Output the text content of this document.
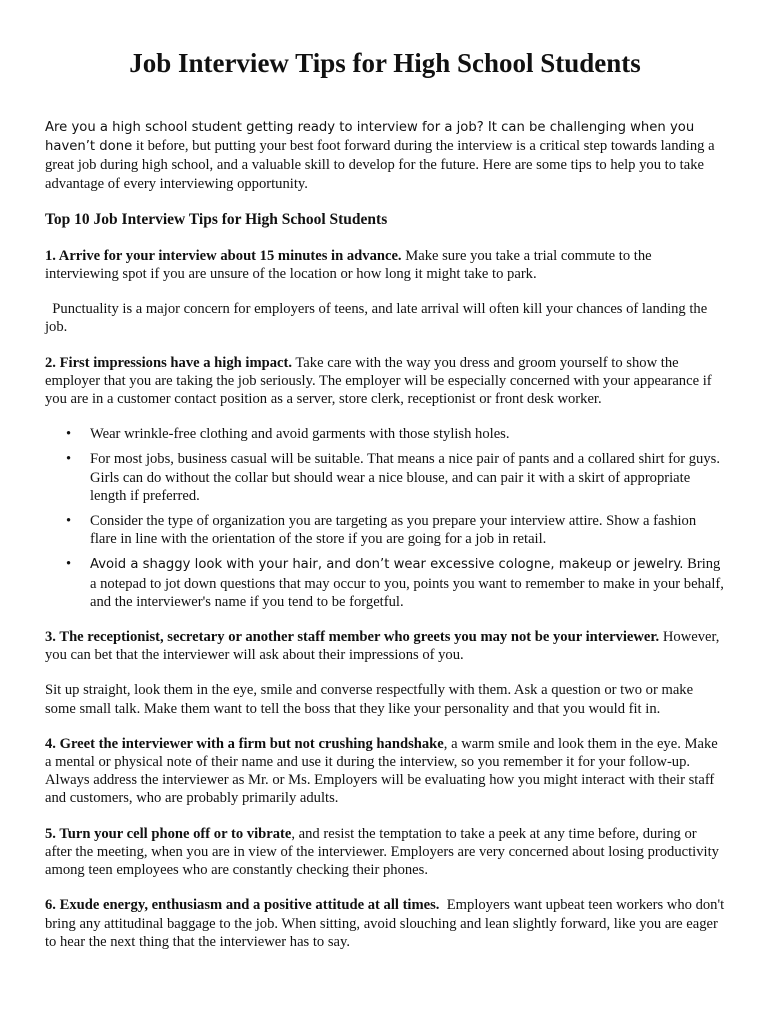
Job Interview Tips for High School Students

Are you a high school student getting ready to interview for a job? It can be challenging when you haven’t done it before, but putting your best foot forward during the interview is a critical step towards landing a great job during high school, and a valuable skill to develop for the future. Here are some tips to help you to take advantage of every interviewing opportunity.

Top 10 Job Interview Tips for High School Students

1. Arrive for your interview about 15 minutes in advance. Make sure you take a trial commute to the interviewing spot if you are unsure of the location or how long it might take to park.

Punctuality is a major concern for employers of teens, and late arrival will often kill your chances of landing the job.

2. First impressions have a high impact. Take care with the way you dress and groom yourself to show the employer that you are taking the job seriously. The employer will be especially concerned with your appearance if you are in a customer contact position as a server, store clerk, receptionist or front desk worker.

• Wear wrinkle-free clothing and avoid garments with those stylish holes.
• For most jobs, business casual will be suitable. That means a nice pair of pants and a collared shirt for guys. Girls can do without the collar but should wear a nice blouse, and can pair it with a skirt of appropriate length if preferred.
• Consider the type of organization you are targeting as you prepare your interview attire. Show a fashion flare in line with the orientation of the store if you are going for a job in retail.
• Avoid a shaggy look with your hair, and don’t wear excessive cologne, makeup or jewelry. Bring a notepad to jot down questions that may occur to you, points you want to remember to make in your behalf, and the interviewer's name if you tend to be forgetful.

3. The receptionist, secretary or another staff member who greets you may not be your interviewer. However, you can bet that the interviewer will ask about their impressions of you.

Sit up straight, look them in the eye, smile and converse respectfully with them. Ask a question or two or make some small talk. Make them want to tell the boss that they like your personality and that you would fit in.

4. Greet the interviewer with a firm but not crushing handshake, a warm smile and look them in the eye. Make a mental or physical note of their name and use it during the interview, so you remember it for your follow-up. Always address the interviewer as Mr. or Ms. Employers will be evaluating how you might interact with their staff and customers, who are probably primarily adults.

5. Turn your cell phone off or to vibrate, and resist the temptation to take a peek at any time before, during or after the meeting, when you are in view of the interviewer. Employers are very concerned about losing productivity among teen employees who are constantly checking their phones.

6. Exude energy, enthusiasm and a positive attitude at all times.  Employers want upbeat teen workers who don't bring any attitudinal baggage to the job. When sitting, avoid slouching and lean slightly forward, like you are eager to hear the next thing that the interviewer has to say.
